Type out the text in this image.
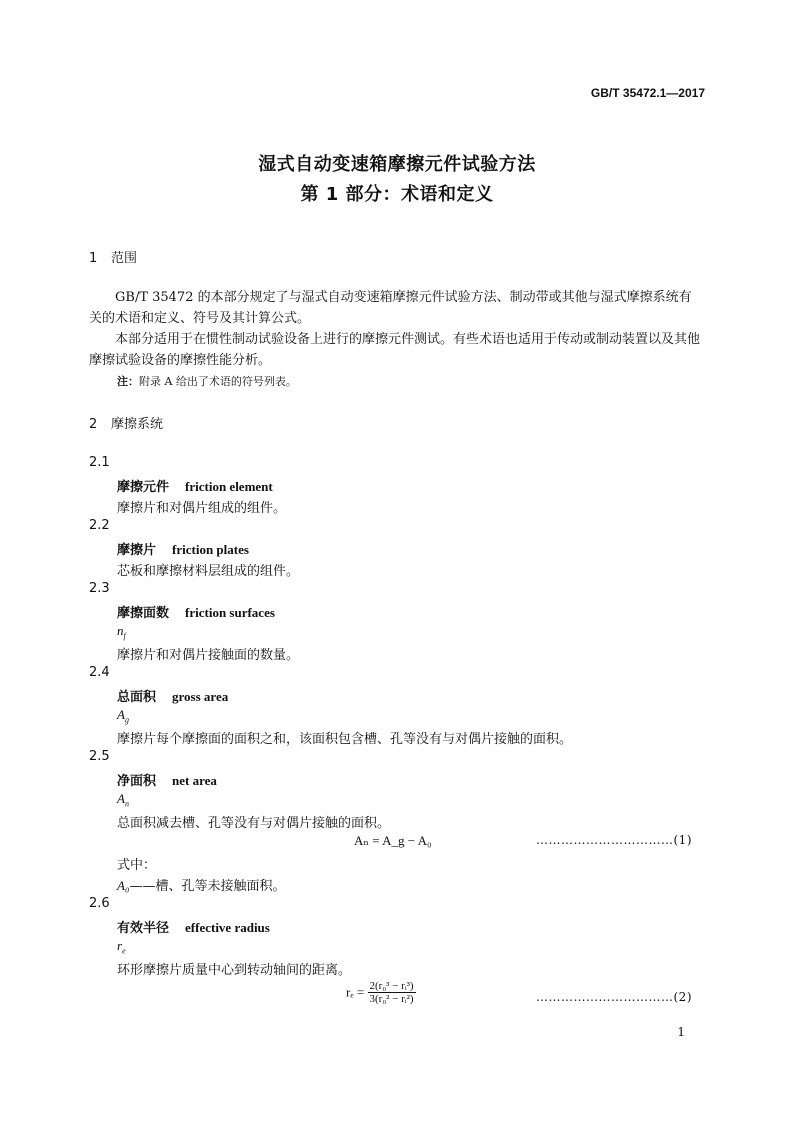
GB/T 35472.1—2017
湿式自动变速箱摩擦元件试验方法
第 1 部分：术语和定义
1 范围
GB/T 35472 的本部分规定了与湿式自动变速箱摩擦元件试验方法、制动带或其他与湿式摩擦系统有关的术语和定义、符号及其计算公式。
本部分适用于在惯性制动试验设备上进行的摩擦元件测试。有些术语也适用于传动或制动装置以及其他摩擦试验设备的摩擦性能分析。
注：附录 A 给出了术语的符号列表。
2 摩擦系统
2.1
摩擦元件 friction element
摩擦片和对偶片组成的组件。
2.2
摩擦片 friction plates
芯板和摩擦材料层组成的组件。
2.3
摩擦面数 friction surfaces
$n_f$
摩擦片和对偶片接触面的数量。
2.4
总面积 gross area
$A_g$
摩擦片每个摩擦面的面积之和，该面积包含槽、孔等没有与对偶片接触的面积。
2.5
净面积 net area
$A_n$
总面积减去槽、孔等没有与对偶片接触的面积。
Aₙ = A_g − A₀	……………………………(1)
式中：
A₀——槽、孔等未接触面积。
2.6
有效半径 effective radius
$r_e$
环形摩擦片质量中心到转动轴间的距离。
$r_e = \frac{\text{2(r₀³ − rᵢ³)}}{\text{3(r₀² − rᵢ²)}}$	……………………………(2)
1
